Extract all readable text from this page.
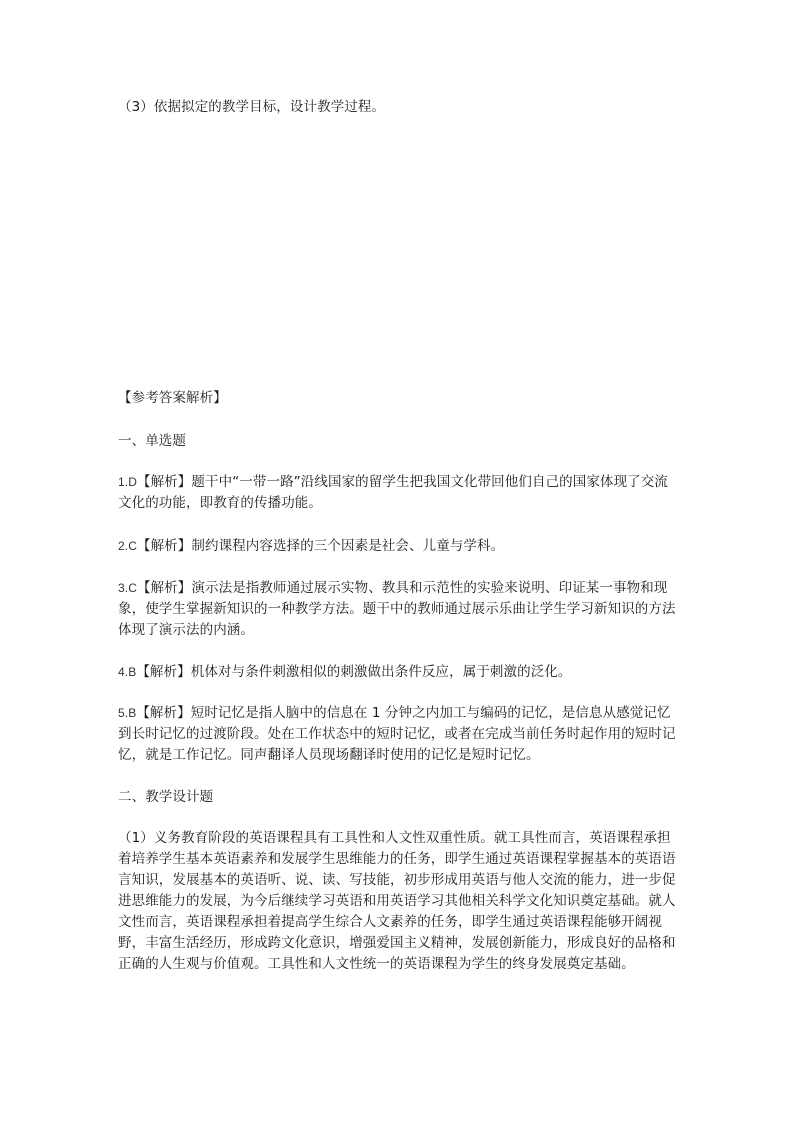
（3）依据拟定的教学目标，设计教学过程。

【参考答案解析】

一、单选题

1.D【解析】题干中“一带一路”沿线国家的留学生把我国文化带回他们自己的国家体现了交流文化的功能，即教育的传播功能。

2.C【解析】制约课程内容选择的三个因素是社会、儿童与学科。

3.C【解析】演示法是指教师通过展示实物、教具和示范性的实验来说明、印证某一事物和现象，使学生掌握新知识的一种教学方法。题干中的教师通过展示乐曲让学生学习新知识的方法体现了演示法的内涵。

4.B【解析】机体对与条件刺激相似的刺激做出条件反应，属于刺激的泛化。

5.B【解析】短时记忆是指人脑中的信息在 1 分钟之内加工与编码的记忆，是信息从感觉记忆到长时记忆的过渡阶段。处在工作状态中的短时记忆，或者在完成当前任务时起作用的短时记忆，就是工作记忆。同声翻译人员现场翻译时使用的记忆是短时记忆。

二、教学设计题

（1）义务教育阶段的英语课程具有工具性和人文性双重性质。就工具性而言，英语课程承担着培养学生基本英语素养和发展学生思维能力的任务，即学生通过英语课程掌握基本的英语语言知识，发展基本的英语听、说、读、写技能，初步形成用英语与他人交流的能力，进一步促进思维能力的发展，为今后继续学习英语和用英语学习其他相关科学文化知识奠定基础。就人文性而言，英语课程承担着提高学生综合人文素养的任务，即学生通过英语课程能够开阔视野，丰富生活经历，形成跨文化意识，增强爱国主义精神，发展创新能力，形成良好的品格和正确的人生观与价值观。工具性和人文性统一的英语课程为学生的终身发展奠定基础。
